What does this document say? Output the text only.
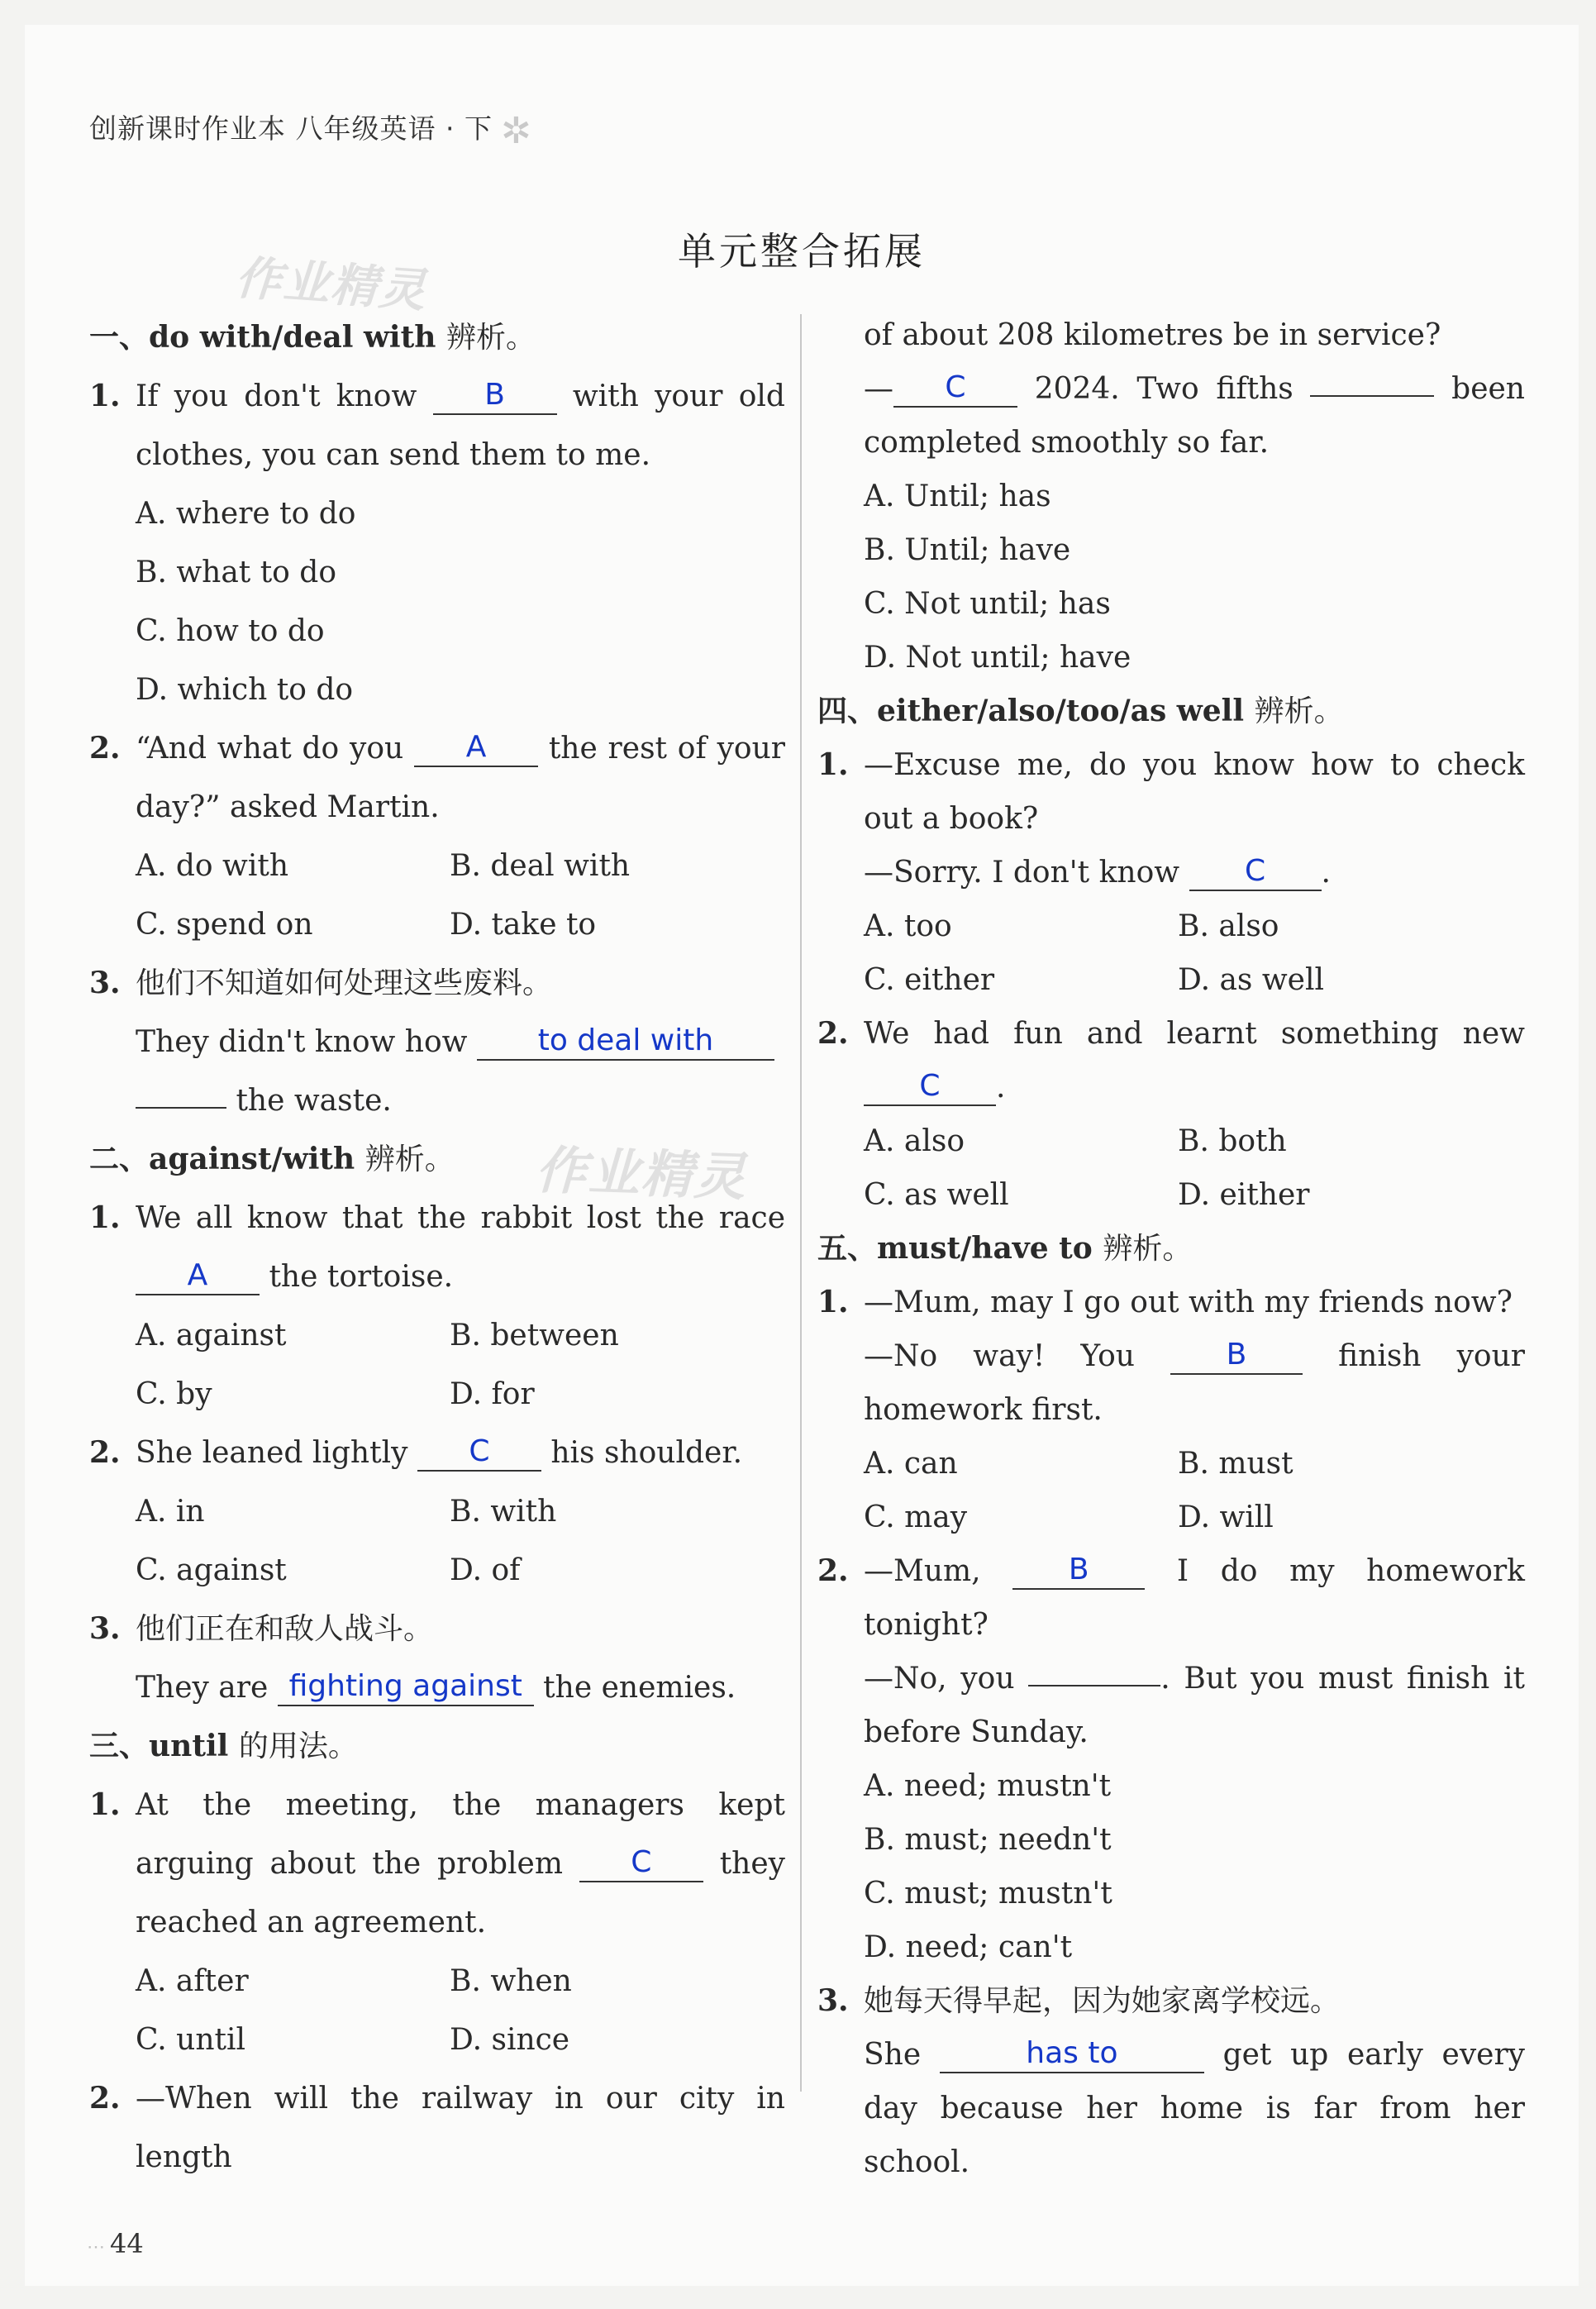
创新课时作业本 八年级英语 · 下 ✲
单元整合拓展
作业精灵
作业精灵
一、do with/deal with 辨析。
1. If you don't know B with your old clothes, you can send them to me.
A. where to do
B. what to do
C. how to do
D. which to do
2. “And what do you A the rest of your day?” asked Martin.
A. do with	B. deal with
C. spend on	D. take to
3. 他们不知道如何处理这些废料。
They didn't know how to deal with
the waste.
二、against/with 辨析。
1. We all know that the rabbit lost the race A the tortoise.
A. against	B. between
C. by	D. for
2. She leaned lightly C his shoulder.
A. in	B. with
C. against	D. of
3. 他们正在和敌人战斗。
They are fighting against the enemies.
三、until 的用法。
1. At the meeting, the managers kept arguing about the problem C they reached an agreement.
A. after	B. when
C. until	D. since
2. —When will the railway in our city in length
of about 208 kilometres be in service?
— C 2024. Two fifths	been completed smoothly so far.
A. Until; has
B. Until; have
C. Not until; has
D. Not until; have
四、either/also/too/as well 辨析。
1. —Excuse me, do you know how to check out a book?
—Sorry. I don't know C .
A. too	B. also
C. either	D. as well
2. We had fun and learnt something new C .
A. also	B. both
C. as well	D. either
五、must/have to 辨析。
1. —Mum, may I go out with my friends now?
—No way! You	B	finish your homework first.
A. can	B. must
C. may	D. will
2. —Mum,	B	I do my homework tonight?
—No, you	. But you must finish it before Sunday.
A. need; mustn't
B. must; needn't
C. must; mustn't
D. need; can't
3. 她每天得早起，因为她家离学校远。
She	has to	get up early every day because her home is far from her school.
⋯ 44
